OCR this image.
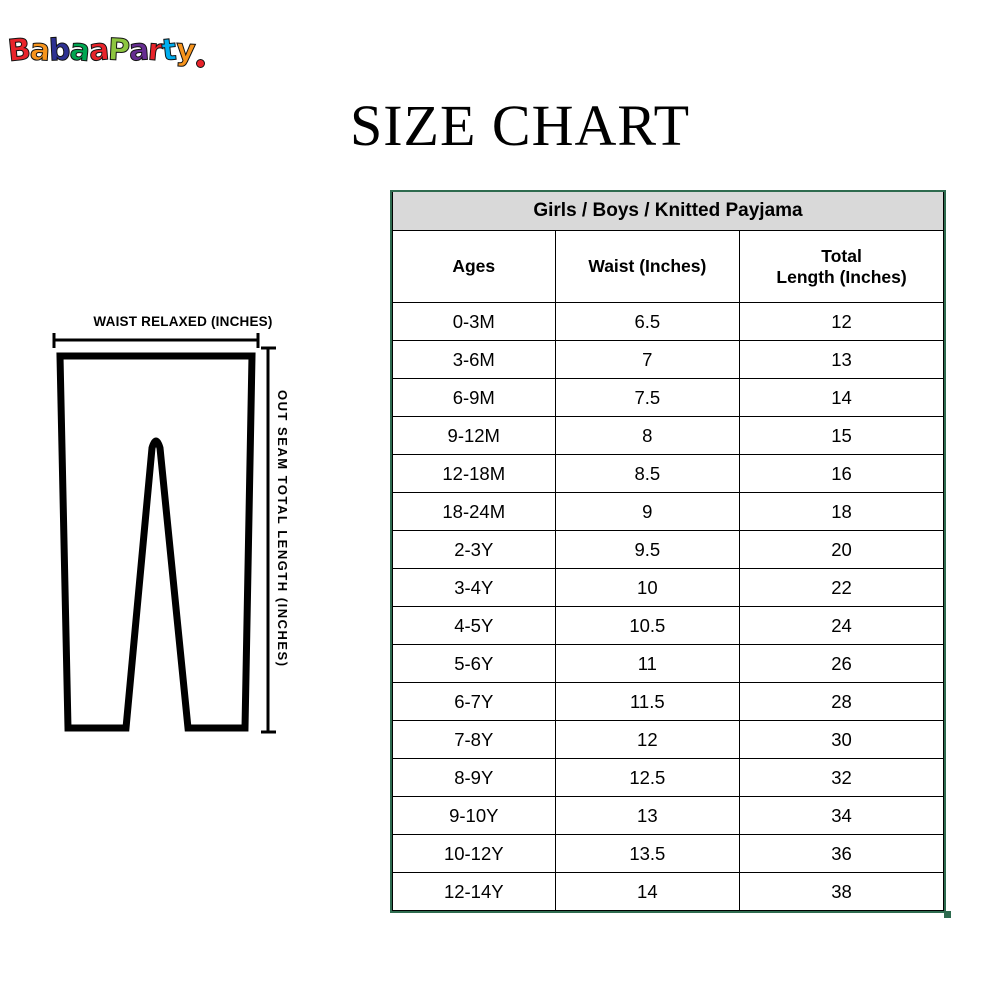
BabaaParty
SIZE CHART
WAIST RELAXED (INCHES)
OUT SEAM TOTAL LENGTH (INCHES)
Girls / Boys / Knitted Payjama		
Ages	Waist (Inches)	Total
Length (Inches)

0-3M	6.5	12
3-6M	7	13
6-9M	7.5	14
9-12M	8	15
12-18M	8.5	16
18-24M	9	18
2-3Y	9.5	20
3-4Y	10	22
4-5Y	10.5	24
5-6Y	11	26
6-7Y	11.5	28
7-8Y	12	30
8-9Y	12.5	32
9-10Y	13	34
10-12Y	13.5	36
12-14Y	14	38
